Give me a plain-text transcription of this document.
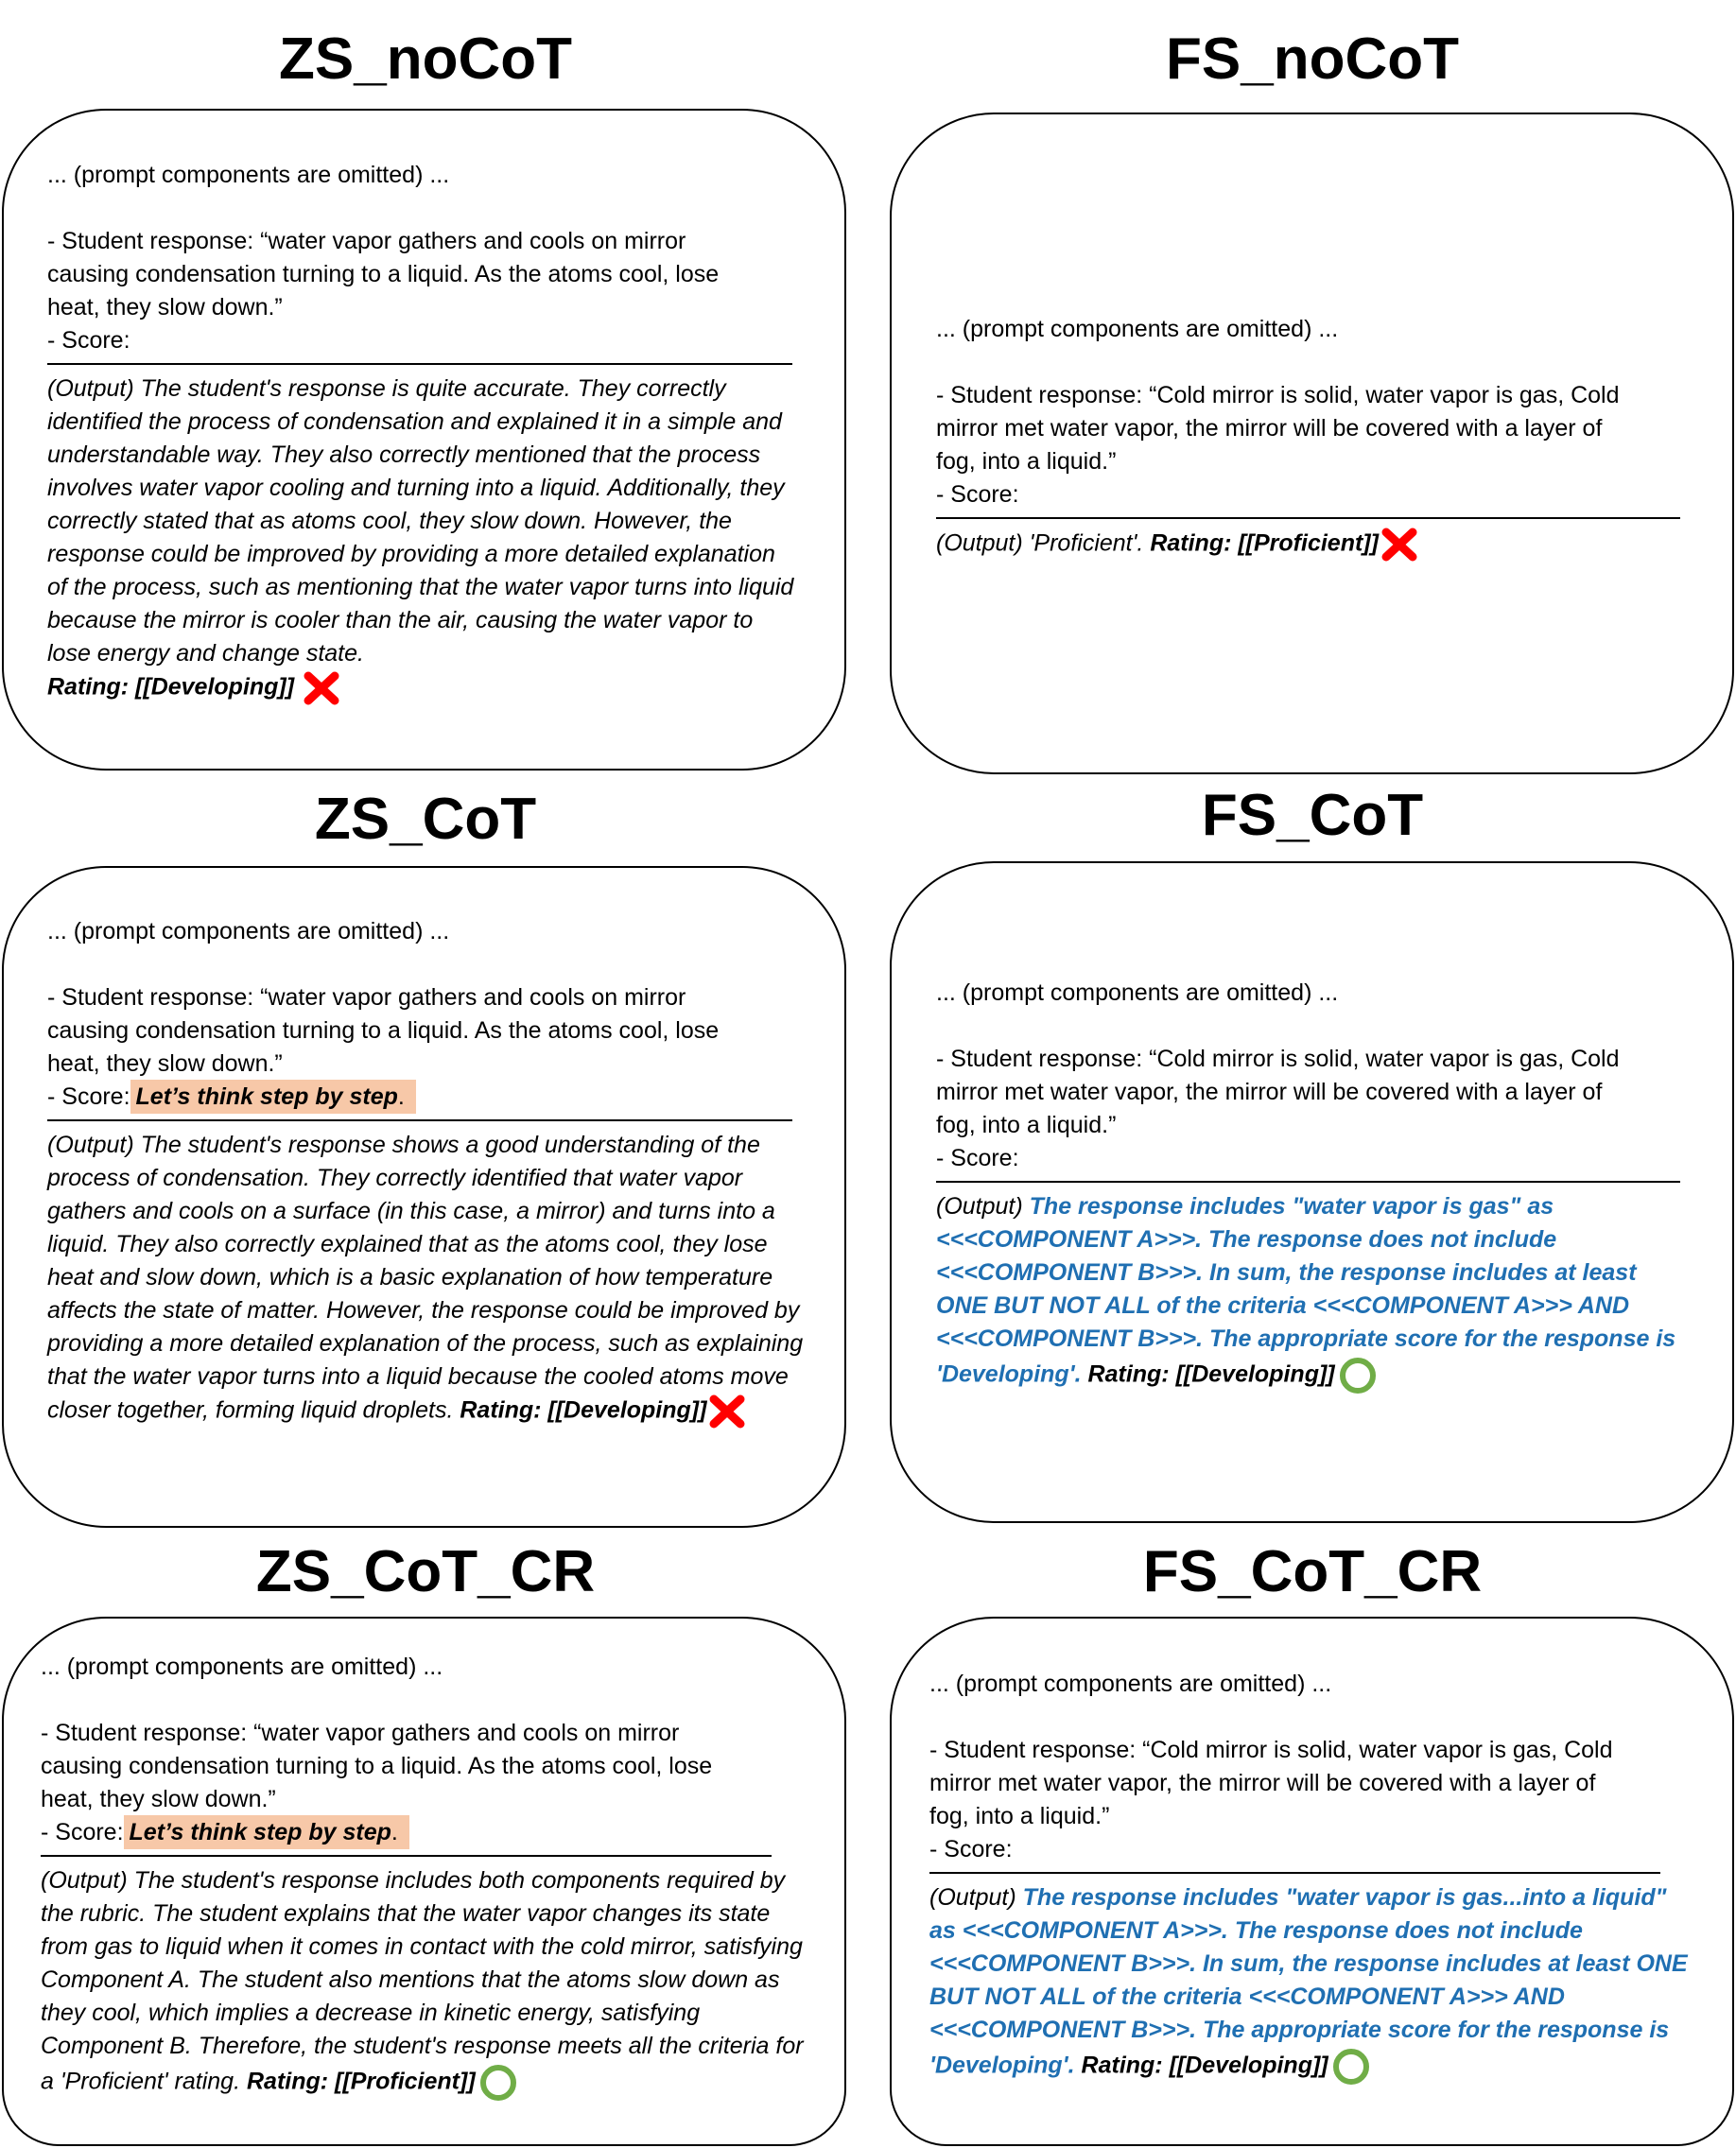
ZS_noCoT

... (prompt components are omitted) ...

- Student response: “water vapor gathers and cools on mirror

causing condensation turning to a liquid. As the atoms cool, lose

heat, they slow down.”

- Score:

(Output) The student's response is quite accurate. They correctly identified the process of condensation and explained it in a simple and understandable way. They also correctly mentioned that the process involves water vapor cooling and turning into a liquid. Additionally, they correctly stated that as atoms cool, they slow down. However, the response could be improved by providing a more detailed explanation of the process, such as mentioning that the water vapor turns into liquid because the mirror is cooler than the air, causing the water vapor to lose energy and change state.

Rating: [[Developing]]

FS_noCoT

... (prompt components are omitted) ...

- Student response: “Cold mirror is solid, water vapor is gas, Cold

mirror met water vapor, the mirror will be covered with a layer of

fog, into a liquid.”

- Score:

(Output) 'Proficient'. Rating: [[Proficient]]

ZS_CoT

... (prompt components are omitted) ...

- Student response: “water vapor gathers and cools on mirror

causing condensation turning to a liquid. As the atoms cool, lose

heat, they slow down.”

- Score: Let’s think step by step.

(Output) The student's response shows a good understanding of the process of condensation. They correctly identified that water vapor gathers and cools on a surface (in this case, a mirror) and turns into a liquid. They also correctly explained that as the atoms cool, they lose heat and slow down, which is a basic explanation of how temperature affects the state of matter. However, the response could be improved by providing a more detailed explanation of the process, such as explaining that the water vapor turns into a liquid because the cooled atoms move closer together, forming liquid droplets. Rating: [[Developing]]

FS_CoT

... (prompt components are omitted) ...

- Student response: “Cold mirror is solid, water vapor is gas, Cold

mirror met water vapor, the mirror will be covered with a layer of

fog, into a liquid.”

- Score:

(Output) The response includes "water vapor is gas" as <<<COMPONENT A>>>. The response does not include <<<COMPONENT B>>>. In sum, the response includes at least ONE BUT NOT ALL of the criteria <<<COMPONENT A>>> AND <<<COMPONENT B>>>. The appropriate score for the response is 'Developing'. Rating: [[Developing]]

ZS_CoT_CR

... (prompt components are omitted) ...

- Student response: “water vapor gathers and cools on mirror

causing condensation turning to a liquid. As the atoms cool, lose

heat, they slow down.”

- Score: Let’s think step by step.

(Output) The student's response includes both components required by the rubric. The student explains that the water vapor changes its state from gas to liquid when it comes in contact with the cold mirror, satisfying Component A. The student also mentions that the atoms slow down as they cool, which implies a decrease in kinetic energy, satisfying Component B. Therefore, the student's response meets all the criteria for a 'Proficient' rating. Rating: [[Proficient]]

FS_CoT_CR

... (prompt components are omitted) ...

- Student response: “Cold mirror is solid, water vapor is gas, Cold

mirror met water vapor, the mirror will be covered with a layer of

fog, into a liquid.”

- Score:

(Output) The response includes "water vapor is gas...into a liquid" as <<<COMPONENT A>>>. The response does not include <<<COMPONENT B>>>. In sum, the response includes at least ONE BUT NOT ALL of the criteria <<<COMPONENT A>>> AND <<<COMPONENT B>>>. The appropriate score for the response is 'Developing'. Rating: [[Developing]]
